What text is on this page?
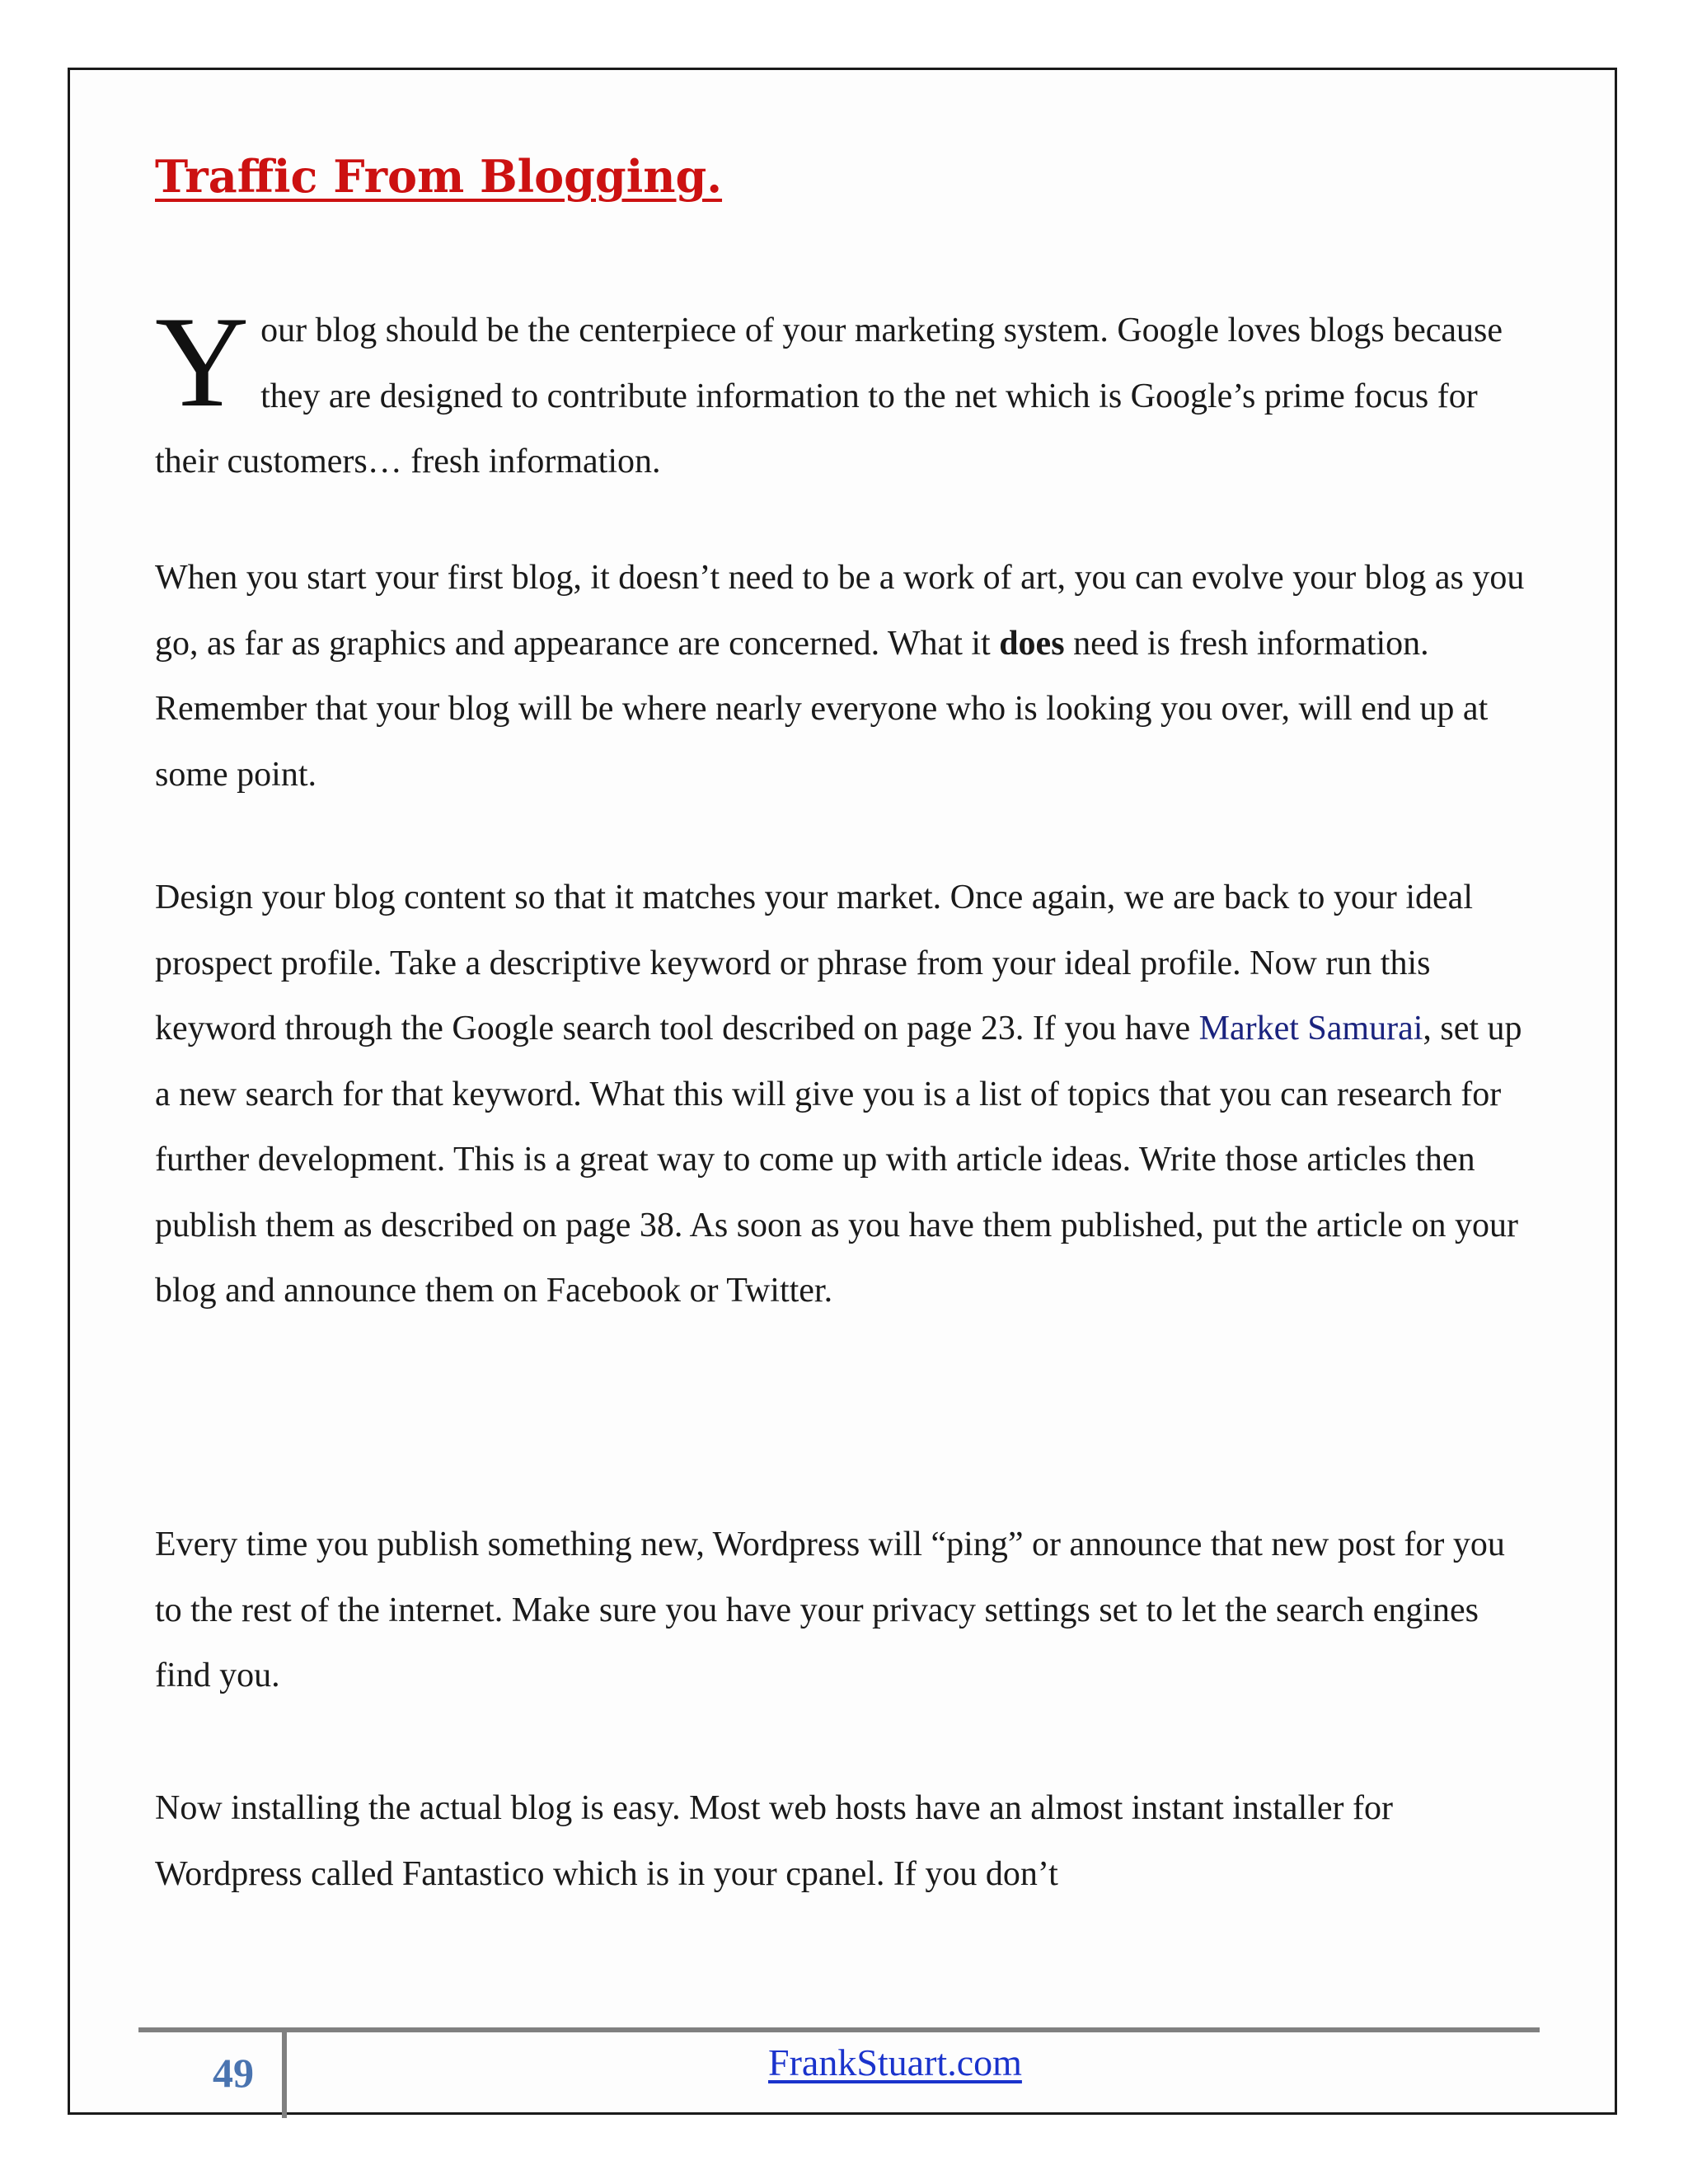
Traffic From Blogging.

Your blog should be the centerpiece of your marketing system. Google loves blogs because they are designed to contribute information to the net which is Google’s prime focus for their customers… fresh information.

When you start your first blog, it doesn’t need to be a work of art, you can evolve your blog as you go, as far as graphics and appearance are concerned. What it does need is fresh information. Remember that your blog will be where nearly everyone who is looking you over, will end up at some point.

Design your blog content so that it matches your market. Once again, we are back to your ideal prospect profile. Take a descriptive keyword or phrase from your ideal profile. Now run this keyword through the Google search tool described on page 23. If you have Market Samurai, set up a new search for that keyword. What this will give you is a list of topics that you can research for further development. This is a great way to come up with article ideas. Write those articles then publish them as described on page 38. As soon as you have them published, put the article on your blog and announce them on Facebook or Twitter.

Every time you publish something new, Wordpress will “ping” or announce that new post for you to the rest of the internet. Make sure you have your privacy settings set to let the search engines find you.

Now installing the actual blog is easy. Most web hosts have an almost instant installer for Wordpress called Fantastico which is in your cpanel. If you don’t

49	FrankStuart.com
